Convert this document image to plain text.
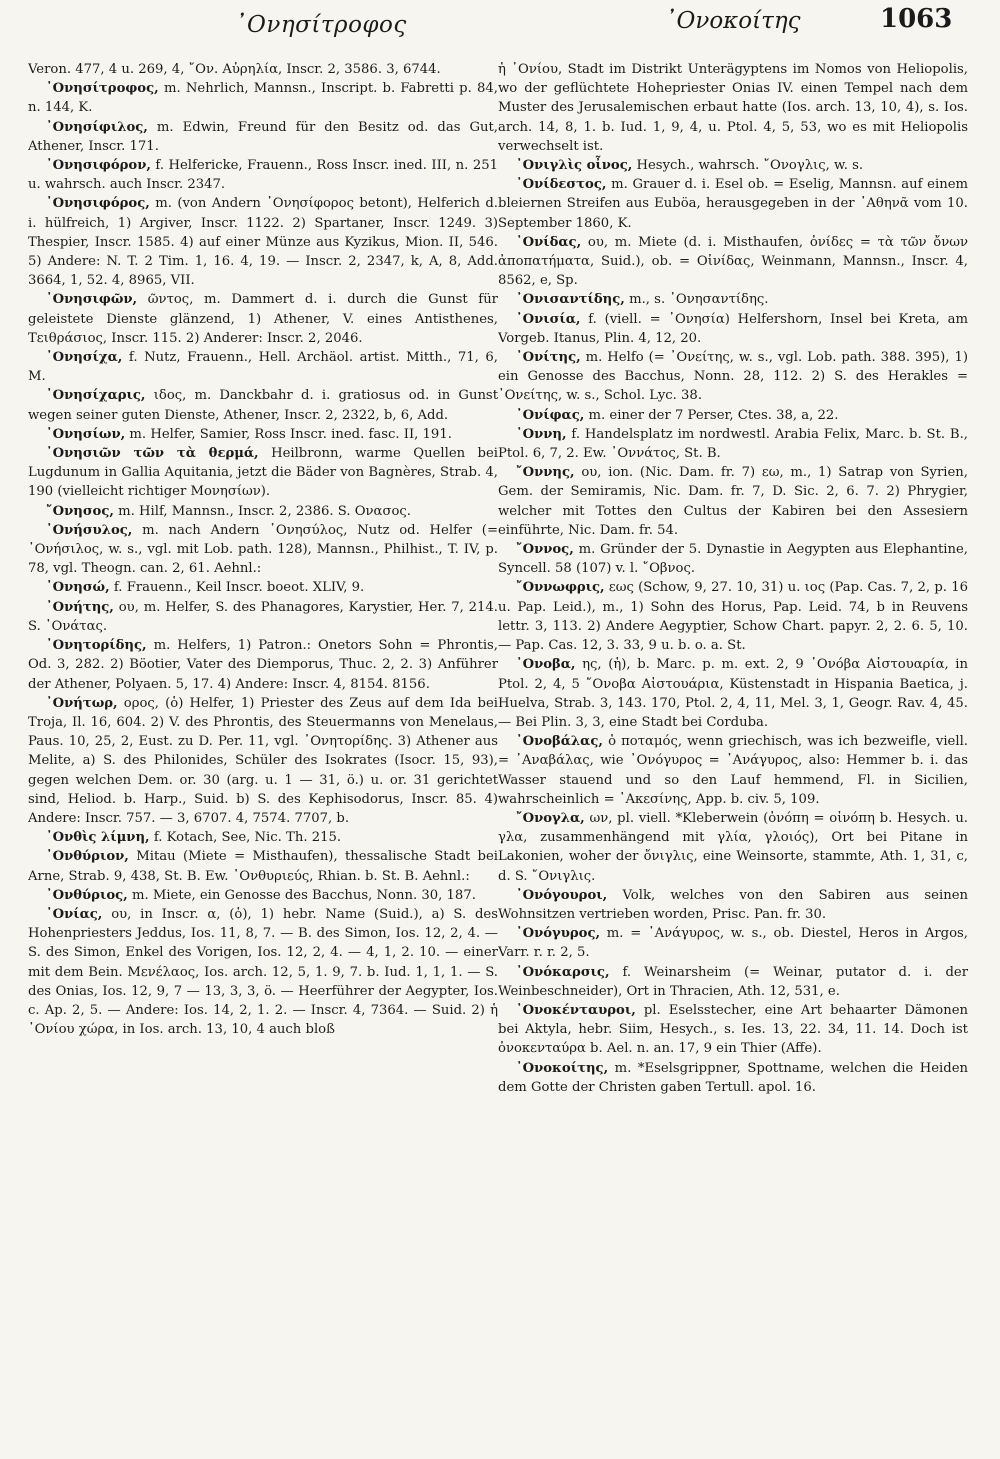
᾿Ονησίτροφος	᾿Ονοκοίτης	1063

Veron. 477, 4 u. 269, 4, ῎Ον. Αὐρηλία, Inscr. 2, 3586. 3, 6744.

᾿Ονησίτροφος, m. Nehrlich, Mannsn., Inscript. b. Fabretti p. 84, n. 144, K.

᾿Ονησίφιλος, m. Edwin, Freund für den Besitz od. das Gut, Athener, Inscr. 171.

᾿Ονησιφόρον, f. Helfericke, Frauenn., Ross Inscr. ined. III, n. 251 u. wahrsch. auch Inscr. 2347.

᾿Ονησιφόρος, m. (von Andern ᾿Ονησίφορος betont), Helferich d. i. hülfreich, 1) Argiver, Inscr. 1122. 2) Spartaner, Inscr. 1249. 3) Thespier, Inscr. 1585. 4) auf einer Münze aus Kyzikus, Mion. II, 546. 5) Andere: N. T. 2 Tim. 1, 16. 4, 19. — Inscr. 2, 2347, k, A, 8, Add. 3664, 1, 52. 4, 8965, VII.

᾿Ονησιφῶν, ῶντος, m. Dammert d. i. durch die Gunst für geleistete Dienste glänzend, 1) Athener, V. eines Antisthenes, Τειθράσιος, Inscr. 115. 2) Anderer: Inscr. 2, 2046.

᾿Ονησίχα, f. Nutz, Frauenn., Hell. Archäol. artist. Mitth., 71, 6, M.

᾿Ονησίχαρις, ιδος, m. Danckbahr d. i. gratiosus od. in Gunst wegen seiner guten Dienste, Athener, Inscr. 2, 2322, b, 6, Add.

᾿Ονησίων, m. Helfer, Samier, Ross Inscr. ined. fasc. II, 191.

᾿Ονησιῶν τῶν τὰ θερμά, Heilbronn, warme Quellen bei Lugdunum in Gallia Aquitania, jetzt die Bäder von Bagnères, Strab. 4, 190 (vielleicht richtiger Μονησίων).

῎Ονησος, m. Hilf, Mannsn., Inscr. 2, 2386. S. Ονασος.

᾿Ονήσυλος, m. nach Andern ᾿Ονησύλος, Nutz od. Helfer (= ᾿Ονήσιλος, w. s., vgl. mit Lob. path. 128), Mannsn., Philhist., T. IV, p. 78, vgl. Theogn. can. 2, 61. Aehnl.:

᾿Ονησώ, f. Frauenn., Keil Inscr. boeot. XLIV, 9.

᾿Ονήτης, ου, m. Helfer, S. des Phanagores, Karystier, Her. 7, 214. S. ᾿Ονάτας.

᾿Ονητορίδης, m. Helfers, 1) Patron.: Onetors Sohn = Phrontis, Od. 3, 282. 2) Böotier, Vater des Diemporus, Thuc. 2, 2. 3) Anführer der Athener, Polyaen. 5, 17. 4) Andere: Inscr. 4, 8154. 8156.

᾿Ονήτωρ, ορος, (ὁ) Helfer, 1) Priester des Zeus auf dem Ida bei Troja, Il. 16, 604. 2) V. des Phrontis, des Steuermanns von Menelaus, Paus. 10, 25, 2, Eust. zu D. Per. 11, vgl. ᾿Ονητορίδης. 3) Athener aus Melite, a) S. des Philonides, Schüler des Isokrates (Isocr. 15, 93), gegen welchen Dem. or. 30 (arg. u. 1 — 31, ö.) u. or. 31 gerichtet sind, Heliod. b. Harp., Suid. b) S. des Kephisodorus, Inscr. 85. 4) Andere: Inscr. 757. — 3, 6707. 4, 7574. 7707, b.

᾿Ονθὶς λίμνη, f. Kotach, See, Nic. Th. 215.

᾿Ονθύριον, Mitau (Miete = Misthaufen), thessalische Stadt bei Arne, Strab. 9, 438, St. B. Ew. ᾿Ονθυριεύς, Rhian. b. St. B. Aehnl.:

᾿Ονθύριος, m. Miete, ein Genosse des Bacchus, Nonn. 30, 187.

᾿Ονίας, ου, in Inscr. α, (ὁ), 1) hebr. Name (Suid.), a) S. des Hohenpriesters Jeddus, Ios. 11, 8, 7. — B. des Simon, Ios. 12, 2, 4. — S. des Simon, Enkel des Vorigen, Ios. 12, 2, 4. — 4, 1, 2. 10. — einer mit dem Bein. Μενέλαος, Ios. arch. 12, 5, 1. 9, 7. b. Iud. 1, 1, 1. — S. des Onias, Ios. 12, 9, 7 — 13, 3, 3, ö. — Heerführer der Aegypter, Ios. c. Ap. 2, 5. — Andere: Ios. 14, 2, 1. 2. — Inscr. 4, 7364. — Suid. 2) ἡ ᾿Ονίου χώρα, in Ios. arch. 13, 10, 4 auch bloß

ἡ ᾿Ονίου, Stadt im Distrikt Unterägyptens im Nomos von Heliopolis, wo der geflüchtete Hohepriester Onias IV. einen Tempel nach dem Muster des Jerusalemischen erbaut hatte (Ios. arch. 13, 10, 4), s. Ios. arch. 14, 8, 1. b. Iud. 1, 9, 4, u. Ptol. 4, 5, 53, wo es mit Heliopolis verwechselt ist.

᾿Ονιγλὶς οἶνος, Hesych., wahrsch. ῎Ονογλις, w. s.

᾿Ονίδεστος, m. Grauer d. i. Esel ob. = Eselig, Mannsn. auf einem bleiernen Streifen aus Euböa, herausgegeben in der ᾿Αθηνᾶ vom 10. September 1860, K.

᾿Ονίδας, ου, m. Miete (d. i. Misthaufen, ὀνίδες = τὰ τῶν ὄνων ἀποπατήματα, Suid.), ob. = Οἰνίδας, Weinmann, Mannsn., Inscr. 4, 8562, e, Sp.

᾿Ονισαντίδης, m., s. ᾿Ονησαντίδης.

᾿Ονισία, f. (viell. = ᾿Ονησία) Helfershorn, Insel bei Kreta, am Vorgeb. Itanus, Plin. 4, 12, 20.

᾿Ονίτης, m. Helfo (= ᾿Ονείτης, w. s., vgl. Lob. path. 388. 395), 1) ein Genosse des Bacchus, Nonn. 28, 112. 2) S. des Herakles = ᾿Ονείτης, w. s., Schol. Lyc. 38.

᾿Ονίφας, m. einer der 7 Perser, Ctes. 38, a, 22.

᾿Οννη, f. Handelsplatz im nordwestl. Arabia Felix, Marc. b. St. B., Ptol. 6, 7, 2. Ew. ᾿Οννάτος, St. B.

῎Οννης, ου, ion. (Nic. Dam. fr. 7) εω, m., 1) Satrap von Syrien, Gem. der Semiramis, Nic. Dam. fr. 7, D. Sic. 2, 6. 7. 2) Phrygier, welcher mit Tottes den Cultus der Kabiren bei den Assesiern einführte, Nic. Dam. fr. 54.

῎Οννος, m. Gründer der 5. Dynastie in Aegypten aus Elephantine, Syncell. 58 (107) v. l. ῎Οβνος.

῎Οννωφρις, εως (Schow, 9, 27. 10, 31) u. ιος (Pap. Cas. 7, 2, p. 16 u. Pap. Leid.), m., 1) Sohn des Horus, Pap. Leid. 74, b in Reuvens lettr. 3, 113. 2) Andere Aegyptier, Schow Chart. papyr. 2, 2. 6. 5, 10. — Pap. Cas. 12, 3. 33, 9 u. b. o. a. St.

᾿Ονοβα, ης, (ἡ), b. Marc. p. m. ext. 2, 9 ᾿Ονόβα Αἰστουαρία, in Ptol. 2, 4, 5 ῎Ονοβα Αἰστουάρια, Küstenstadt in Hispania Baetica, j. Huelva, Strab. 3, 143. 170, Ptol. 2, 4, 11, Mel. 3, 1, Geogr. Rav. 4, 45. — Bei Plin. 3, 3, eine Stadt bei Corduba.

᾿Ονοβάλας, ὁ ποταμός, wenn griechisch, was ich bezweifle, viell. = ᾿Αναβάλας, wie ᾿Ονόγυρος = ᾿Ανάγυρος, also: Hemmer b. i. das Wasser stauend und so den Lauf hemmend, Fl. in Sicilien, wahrscheinlich = ᾿Ακεσίνης, App. b. civ. 5, 109.

῎Ονογλα, ων, pl. viell. *Kleberwein (ὀνόπη = οἰνόπη b. Hesych. u. γλα, zusammenhängend mit γλία, γλοιός), Ort bei Pitane in Lakonien, woher der ὄνιγλις, eine Weinsorte, stammte, Ath. 1, 31, c, d. S. ῎Ονιγλις.

᾿Ονόγουροι, Volk, welches von den Sabiren aus seinen Wohnsitzen vertrieben worden, Prisc. Pan. fr. 30.

᾿Ονόγυρος, m. = ᾿Ανάγυρος, w. s., ob. Diestel, Heros in Argos, Varr. r. r. 2, 5.

᾿Ονόκαρσις, f. Weinarsheim (= Weinar, putator d. i. der Weinbeschneider), Ort in Thracien, Ath. 12, 531, e.

᾿Ονοκένταυροι, pl. Eselsstecher, eine Art behaarter Dämonen bei Aktyla, hebr. Siim, Hesych., s. Ies. 13, 22. 34, 11. 14. Doch ist ὀνοκενταύρα b. Ael. n. an. 17, 9 ein Thier (Affe).

᾿Ονοκοίτης, m. *Eselsgrippner, Spottname, welchen die Heiden dem Gotte der Christen gaben Tertull. apol. 16.
